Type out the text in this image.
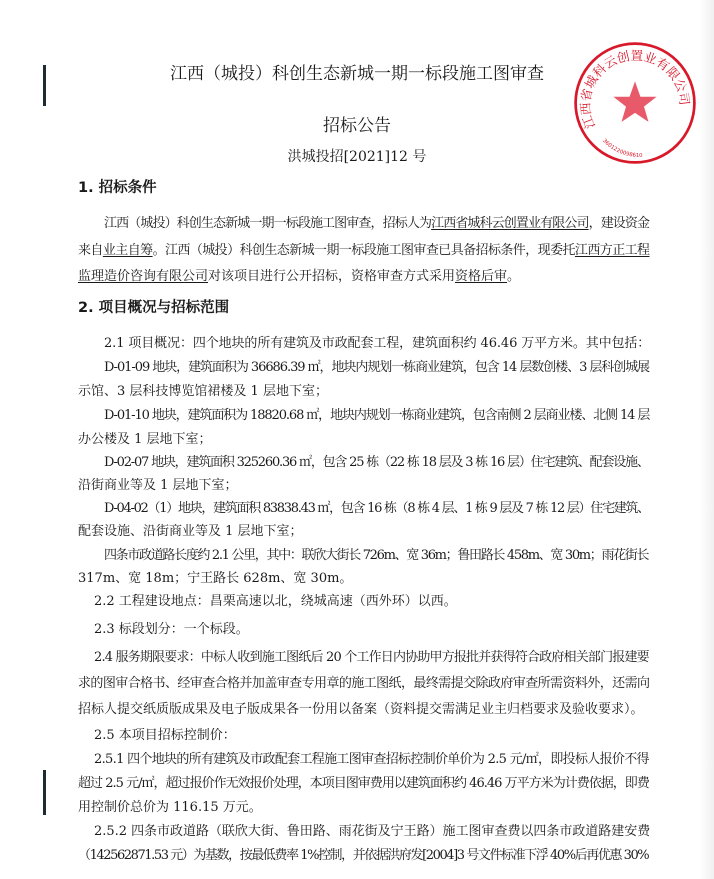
江西（城投）科创生态新城一期一标段施工图审查
招标公告
洪城投招[2021]12 号
江西省城科云创置业有限公司
3601220098610
1. 招标条件
江西（城投）科创生态新城一期一标段施工图审查，招标人为江西省城科云创置业有限公司，建设资金
来自业主自筹。江西（城投）科创生态新城一期一标段施工图审查已具备招标条件，现委托江西方正工程
监理造价咨询有限公司对该项目进行公开招标，资格审查方式采用资格后审。
2. 项目概况与招标范围
2.1 项目概况：四个地块的所有建筑及市政配套工程，建筑面积约 46.46 万平方米。其中包括：
D-01-09 地块，建筑面积为 36686.39 ㎡，地块内规划一栋商业建筑，包含 14 层数创楼、3 层科创城展
示馆、3 层科技博览馆裙楼及 1 层地下室；
D-01-10 地块，建筑面积为 18820.68 ㎡，地块内规划一栋商业建筑，包含南侧 2 层商业楼、北侧 14 层
办公楼及 1 层地下室；
D-02-07 地块，建筑面积 325260.36 ㎡，包含 25 栋（22 栋 18 层及 3 栋 16 层）住宅建筑、配套设施、
沿街商业等及 1 层地下室；
D-04-02（1）地块，建筑面积 83838.43 ㎡，包含 16 栋（8 栋 4 层、1 栋 9 层及 7 栋 12 层）住宅建筑、
配套设施、沿街商业等及 1 层地下室；
四条市政道路长度约 2.1 公里，其中：联欣大街长 726m、宽 36m；鲁田路长 458m、宽 30m；雨花街长
317m、宽 18m；宁王路长 628m、宽 30m。
2.2 工程建设地点：昌栗高速以北，绕城高速（西外环）以西。
2.3 标段划分：一个标段。
2.4 服务期限要求：中标人收到施工图纸后 20 个工作日内协助甲方报批并获得符合政府相关部门报建要
求的图审合格书、经审查合格并加盖审查专用章的施工图纸，最终需提交除政府审查所需资料外，还需向
招标人提交纸质版成果及电子版成果各一份用以备案（资料提交需满足业主归档要求及验收要求）。
2.5 本项目招标控制价：
2.5.1 四个地块的所有建筑及市政配套工程施工图审查招标控制价单价为 2.5 元/㎡，即投标人报价不得
超过 2.5 元/㎡，超过报价作无效报价处理，本项目图审费用以建筑面积约 46.46 万平方米为计费依据，即费
用控制价总价为 116.15 万元。
2.5.2 四条市政道路（联欣大街、鲁田路、雨花街及宁王路）施工图审查费以四条市政道路建安费
（142562871.53 元）为基数，按最低费率 1%控制，并依据洪府发[2004]3 号文件标准下浮 40%后再优惠 30%
